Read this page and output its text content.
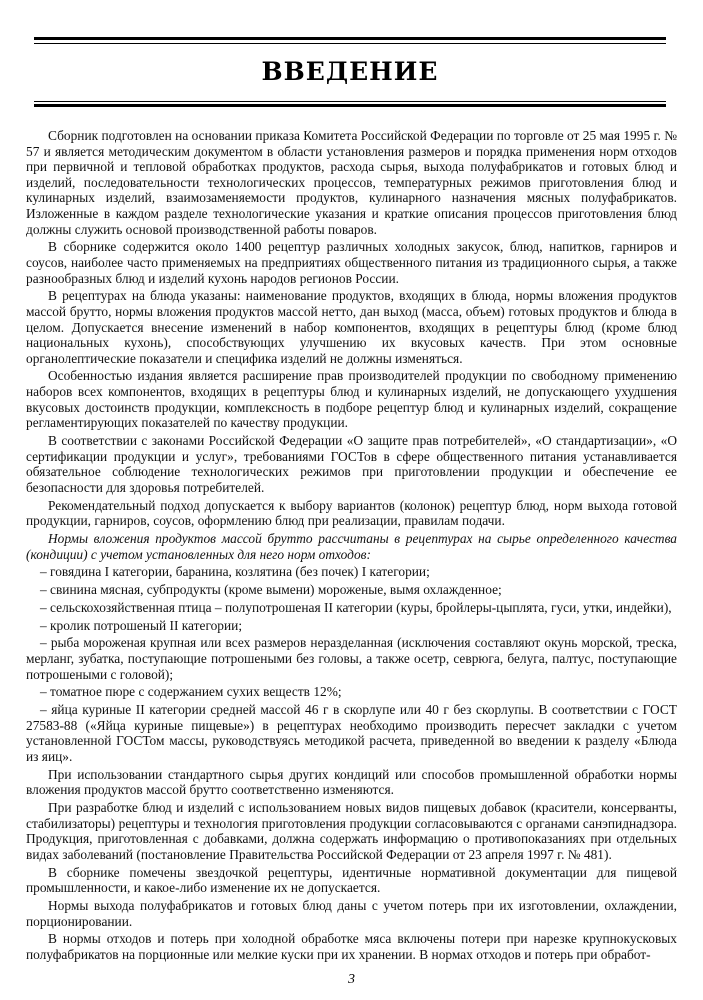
ВВЕДЕНИЕ

Сборник подготовлен на основании приказа Комитета Российской Федерации по торговле от 25 мая 1995 г. № 57 и является методическим документом в области установления размеров и порядка применения норм отходов при первичной и тепловой обработках продуктов, расхода сырья, выхода полуфабрикатов и готовых блюд и изделий, последовательности технологических процессов, температурных режимов приготовления блюд и кулинарных изделий, взаимозаменяемости продуктов, кулинарного назначения мясных полуфабрикатов. Изложенные в каждом разделе технологические указания и краткие описания процессов приготовления блюд должны служить основой производственной работы поваров.

В сборнике содержится около 1400 рецептур различных холодных закусок, блюд, напитков, гарниров и соусов, наиболее часто применяемых на предприятиях общественного питания из традиционного сырья, а также разнообразных блюд и изделий кухонь народов регионов России.

В рецептурах на блюда указаны: наименование продуктов, входящих в блюда, нормы вложения продуктов массой брутто, нормы вложения продуктов массой нетто, дан выход (масса, объем) готовых продуктов и блюда в целом. Допускается внесение изменений в набор компонентов, входящих в рецептуры блюд (кроме блюд национальных кухонь), способствующих улучшению их вкусовых качеств. При этом основные органолептические показатели и специфика изделий не должны изменяться.

Особенностью издания является расширение прав производителей продукции по свободному применению наборов всех компонентов, входящих в рецептуры блюд и кулинарных изделий, не допускающего ухудшения вкусовых достоинств продукции, комплексность в подборе рецептур блюд и кулинарных изделий, сокращение регламентирующих показателей по качеству продукции.

В соответствии с законами Российской Федерации «О защите прав потребителей», «О стандартизации», «О сертификации продукции и услуг», требованиями ГОСТов в сфере общественного питания устанавливается обязательное соблюдение технологических режимов при приготовлении продукции и обеспечение ее безопасности для здоровья потребителей.

Рекомендательный подход допускается к выбору вариантов (колонок) рецептур блюд, норм выхода готовой продукции, гарниров, соусов, оформлению блюд при реализации, правилам подачи.

Нормы вложения продуктов массой брутто рассчитаны в рецептурах на сырье определенного качества (кондиции) с учетом установленных для него норм отходов:

– говядина I категории, баранина, козлятина (без почек) I категории;

– свинина мясная, субпродукты (кроме вымени) мороженые, вымя охлажденное;

– сельскохозяйственная птица – полупотрошеная II категории (куры, бройлеры-цыплята, гуси, утки, индейки),

– кролик потрошеный II категории;

– рыба мороженая крупная или всех размеров неразделанная (исключения составляют окунь морской, треска, мерланг, зубатка, поступающие потрошеными без головы, а также осетр, севрюга, белуга, палтус, поступающие потрошеными с головой);

– томатное пюре с содержанием сухих веществ 12%;

– яйца куриные II категории средней массой 46 г в скорлупе или 40 г без скорлупы. В соответствии с ГОСТ 27583-88 («Яйца куриные пищевые») в рецептурах необходимо производить пересчет закладки с учетом установленной ГОСТом массы, руководствуясь методикой расчета, приведенной во введении к разделу «Блюда из яиц».

При использовании стандартного сырья других кондиций или способов промышленной обработки нормы вложения продуктов массой брутто соответственно изменяются.

При разработке блюд и изделий с использованием новых видов пищевых добавок (красители, консерванты, стабилизаторы) рецептуры и технология приготовления продукции согласовываются с органами санэпиднадзора. Продукция, приготовленная с добавками, должна содержать информацию о противопоказаниях при отдельных видах заболеваний (постановление Правительства Российской Федерации от 23 апреля 1997 г. № 481).

В сборнике помечены звездочкой рецептуры, идентичные нормативной документации для пищевой промышленности, и какое-либо изменение их не допускается.

Нормы выхода полуфабрикатов и готовых блюд даны с учетом потерь при их изготовлении, охлаждении, порционировании.

В нормы отходов и потерь при холодной обработке мяса включены потери при нарезке крупнокусковых полуфабрикатов на порционные или мелкие куски при их хранении. В нормах отходов и потерь при обработ-

3
